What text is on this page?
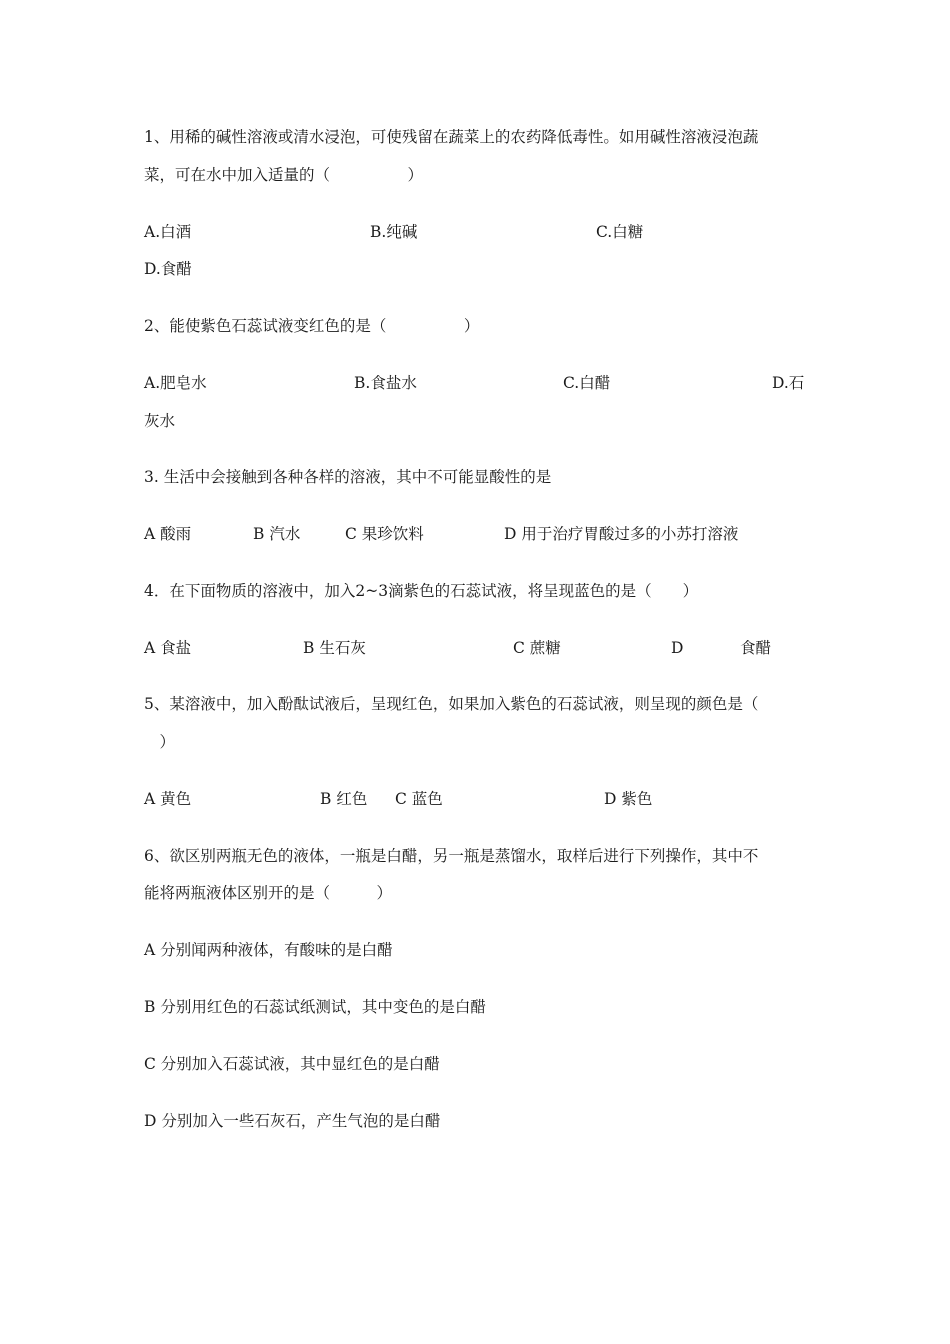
1、用稀的碱性溶液或清水浸泡，可使残留在蔬菜上的农药降低毒性。如用碱性溶液浸泡蔬
菜，可在水中加入适量的（　　　　　）
A.白酒	B.纯碱	C.白糖
D.食醋
2、能使紫色石蕊试液变红色的是（　　　　　）
A.肥皂水	B.食盐水	C.白醋	D.石
灰水
3. 生活中会接触到各种各样的溶液，其中不可能显酸性的是
A 酸雨	B 汽水	C 果珍饮料	D 用于治疗胃酸过多的小苏打溶液
4．在下面物质的溶液中，加入2~3滴紫色的石蕊试液，将呈现蓝色的是（　　）
A 食盐	B 生石灰	C 蔗糖	D	食醋
5、某溶液中，加入酚酞试液后，呈现红色，如果加入紫色的石蕊试液，则呈现的颜色是（
　）
A 黄色	B 红色 C 蓝色	D 紫色
6、欲区别两瓶无色的液体，一瓶是白醋，另一瓶是蒸馏水，取样后进行下列操作，其中不
能将两瓶液体区别开的是（　　　）
A 分别闻两种液体，有酸味的是白醋
B 分别用红色的石蕊试纸测试，其中变色的是白醋
C 分别加入石蕊试液，其中显红色的是白醋
D 分别加入一些石灰石，产生气泡的是白醋
